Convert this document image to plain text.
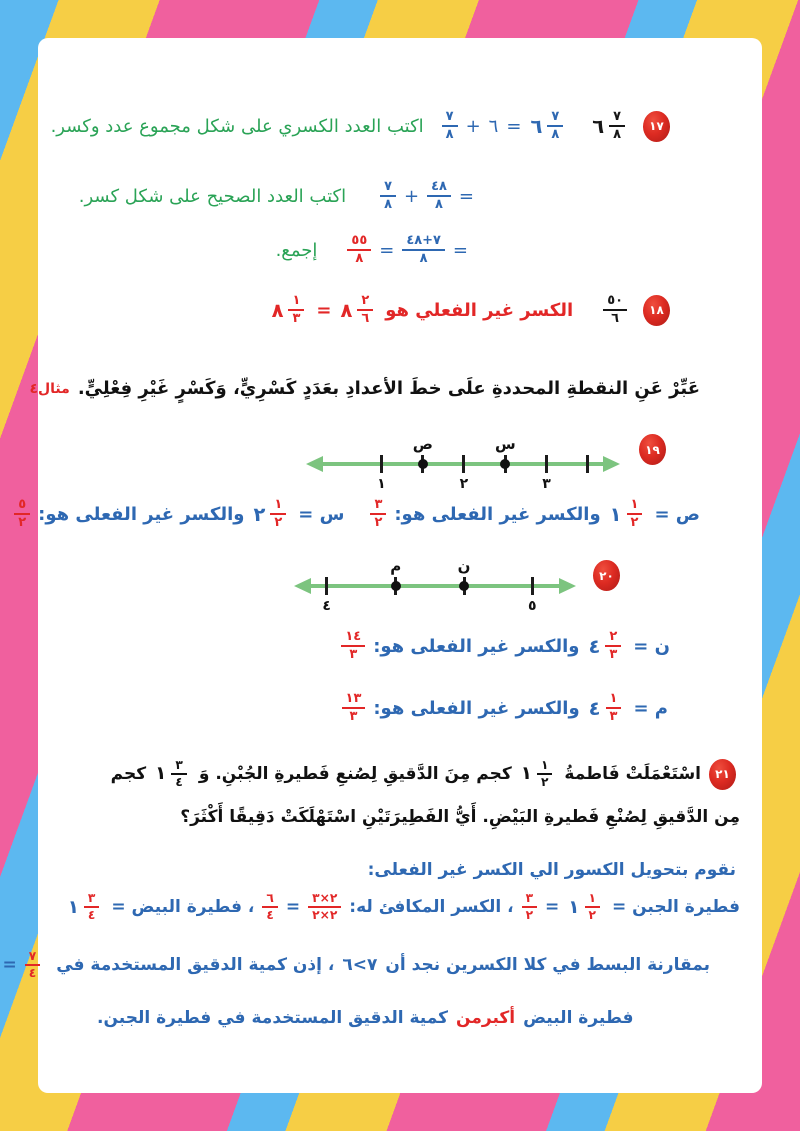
١٧
٦ $\frac{٧}{٨}$
٦ $\frac{٧}{٨}$
=
٦
+
$\frac{٧}{٨}$
اكتب العدد الكسري على شكل مجموع عدد وكسر.
=
$\frac{٤٨}{٨}$
+
$\frac{٧}{٨}$
اكتب العدد الصحيح على شكل كسر.
=
$\frac{٧+٤٨}{٨}$
=
$\frac{٥٥}{٨}$
إجمع.
١٨
$\frac{٥٠}{٦}$
الكسر غير الفعلي هو
٨ $\frac{٢}{٦}$
=
٨ $\frac{١}{٣}$
عَبِّرْ عَنِ النقطةِ المحددةِ علَى خطَ الأعدادِ بعَدَدٍ كَسْرِيٍّ، وَكَسْرٍ غَيْرِ فِعْلِيٍّ.
مثال٤
١٩
ص	س
١	٢	٣
ص =
١ $\frac{١}{٢}$
والكسر غير الفعلى هو:
$\frac{٣}{٢}$
س =
٢ $\frac{١}{٢}$
والكسر غير الفعلى هو:
$\frac{٥}{٢}$
٢٠
م	ن
٤	٥
ن =
٤ $\frac{٢}{٣}$
والكسر غير الفعلى هو:
$\frac{١٤}{٣}$
م =
٤ $\frac{١}{٣}$
والكسر غير الفعلى هو:
$\frac{١٣}{٣}$
٢١اسْتَعْمَلَتْ فَاطمةُ
١ $\frac{١}{٢}$
كجم مِنَ الدَّقيقِ لِصُنعِ فَطيرةِ الجُبْنِ. وَ
١ $\frac{٣}{٤}$
كجم مِن الدَّقيقِ لِصُنْعِ فَطيرةِ البَيْضِ. أَيُّ الفَطِيرَتَيْنِ اسْتَهْلَكَتْ دَقِيقًا أَكْثَرَ؟
نقوم بتحويل الكسور الي الكسر غير الفعلى:
فطيرة الجبن =
١ $\frac{١}{٢}$
=
$\frac{٣}{٢}$
، الكسر المكافئ له:
$\frac{٢\times ٣}{٢\times ٢}$
=
$\frac{٦}{٤}$
، فطيرة البيض =
١ $\frac{٣}{٤}$
بمقارنة البسط في كلا الكسرين نجد أن
٧>٦
، إذن كمية الدقيق المستخدمة في
$\frac{٧}{٤}$
=
فطيرة البيض
أكبرمن
كمية الدقيق المستخدمة في فطيرة الجبن.
